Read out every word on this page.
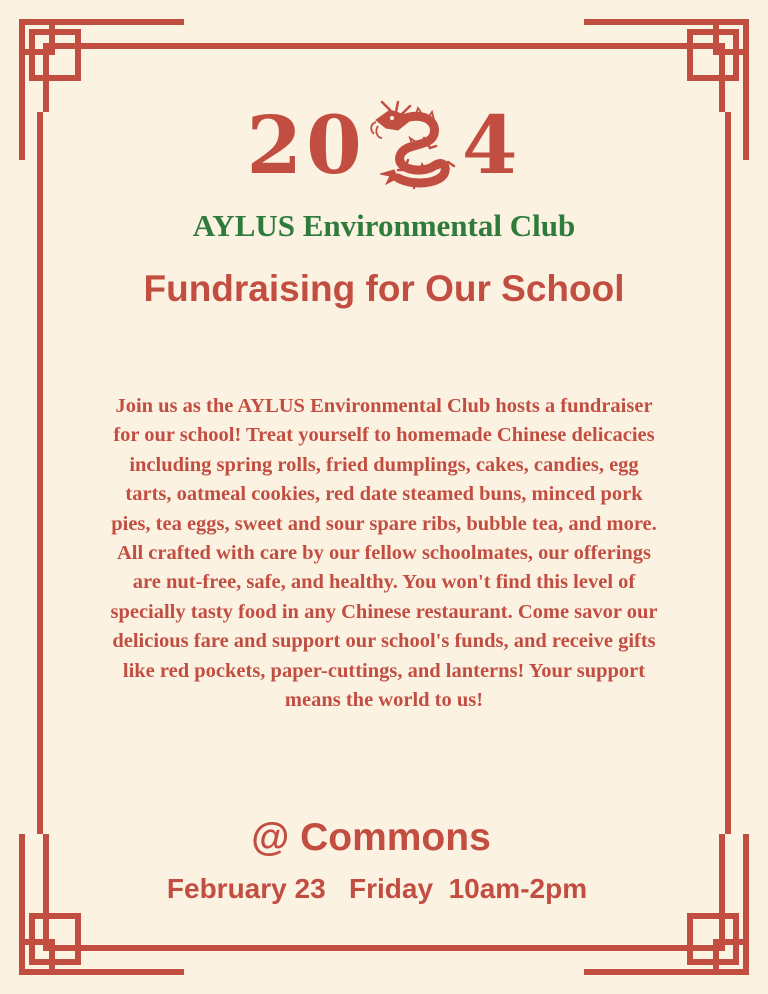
20 4
AYLUS Environmental Club
Fundraising for Our School
Join us as the AYLUS Environmental Club hosts a fundraiser for our school! Treat yourself to homemade Chinese delicacies including spring rolls, fried dumplings, cakes, candies, egg tarts, oatmeal cookies, red date steamed buns, minced pork pies, tea eggs, sweet and sour spare ribs, bubble tea, and more. All crafted with care by our fellow schoolmates, our offerings are nut-free, safe, and healthy. You won't find this level of specially tasty food in any Chinese restaurant. Come savor our delicious fare and support our school's funds, and receive gifts like red pockets, paper-cuttings, and lanterns! Your support means the world to us!
@ Commons
February 23   Friday  10am-2pm
